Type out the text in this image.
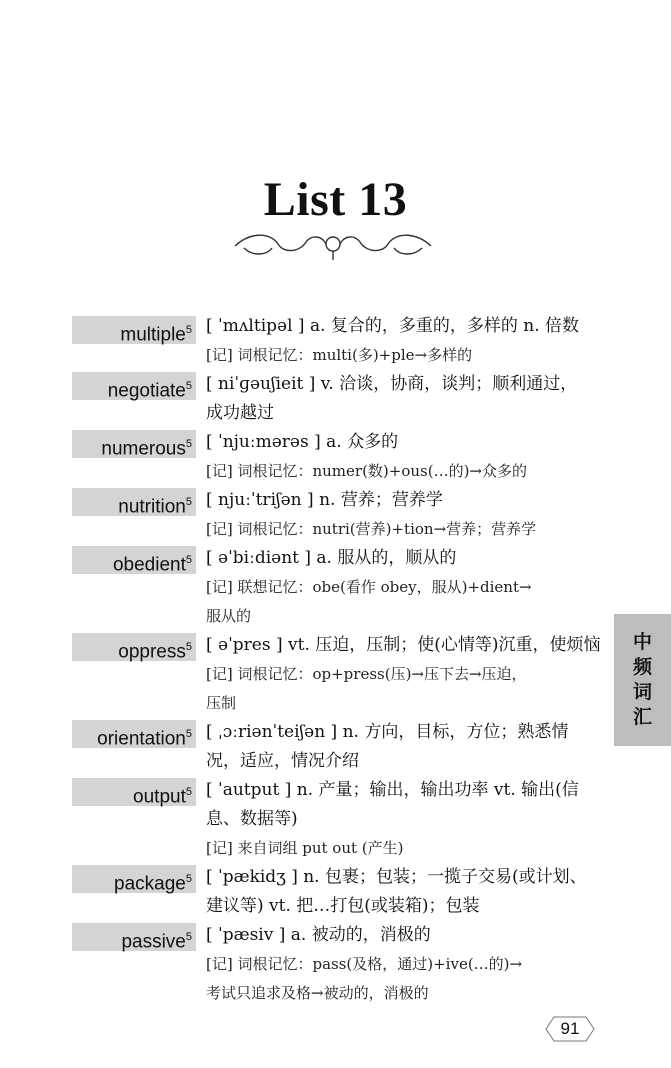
List 13
multiple$^5$ [ ˈmʌltipəl ] a. 复合的，多重的，多样的 n. 倍数
[记] 词根记忆：multi(多)+ple→多样的
negotiate$^5$ [ niˈɡəuʃieit ] v. 洽谈，协商，谈判；顺利通过，
成功越过
numerous$^5$ [ ˈnjuːmərəs ] a. 众多的
[记] 词根记忆：numer(数)+ous(…的)→众多的
nutrition$^5$ [ njuːˈtriʃən ] n. 营养；营养学
[记] 词根记忆：nutri(营养)+tion→营养；营养学
obedient$^5$ [ əˈbiːdiənt ] a. 服从的，顺从的
[记] 联想记忆：obe(看作 obey，服从)+dient→
服从的
oppress$^5$ [ əˈpres ] vt. 压迫，压制；使(心情等)沉重，使烦恼
[记] 词根记忆：op+press(压)→压下去→压迫，
压制
orientation$^5$ [ ˌɔːriənˈteiʃən ] n. 方向，目标，方位；熟悉情
况，适应，情况介绍
output$^5$ [ ˈautput ] n. 产量；输出，输出功率 vt. 输出(信
息、数据等)
[记] 来自词组 put out (产生)
package$^5$ [ ˈpækidʒ ] n. 包裹；包装；一揽子交易(或计划、
建议等) vt. 把…打包(或装箱)；包装
passive$^5$ [ ˈpæsiv ] a. 被动的，消极的
[记] 词根记忆：pass(及格，通过)+ive(…的)→
考试只追求及格→被动的，消极的
中
频
词
汇
91
